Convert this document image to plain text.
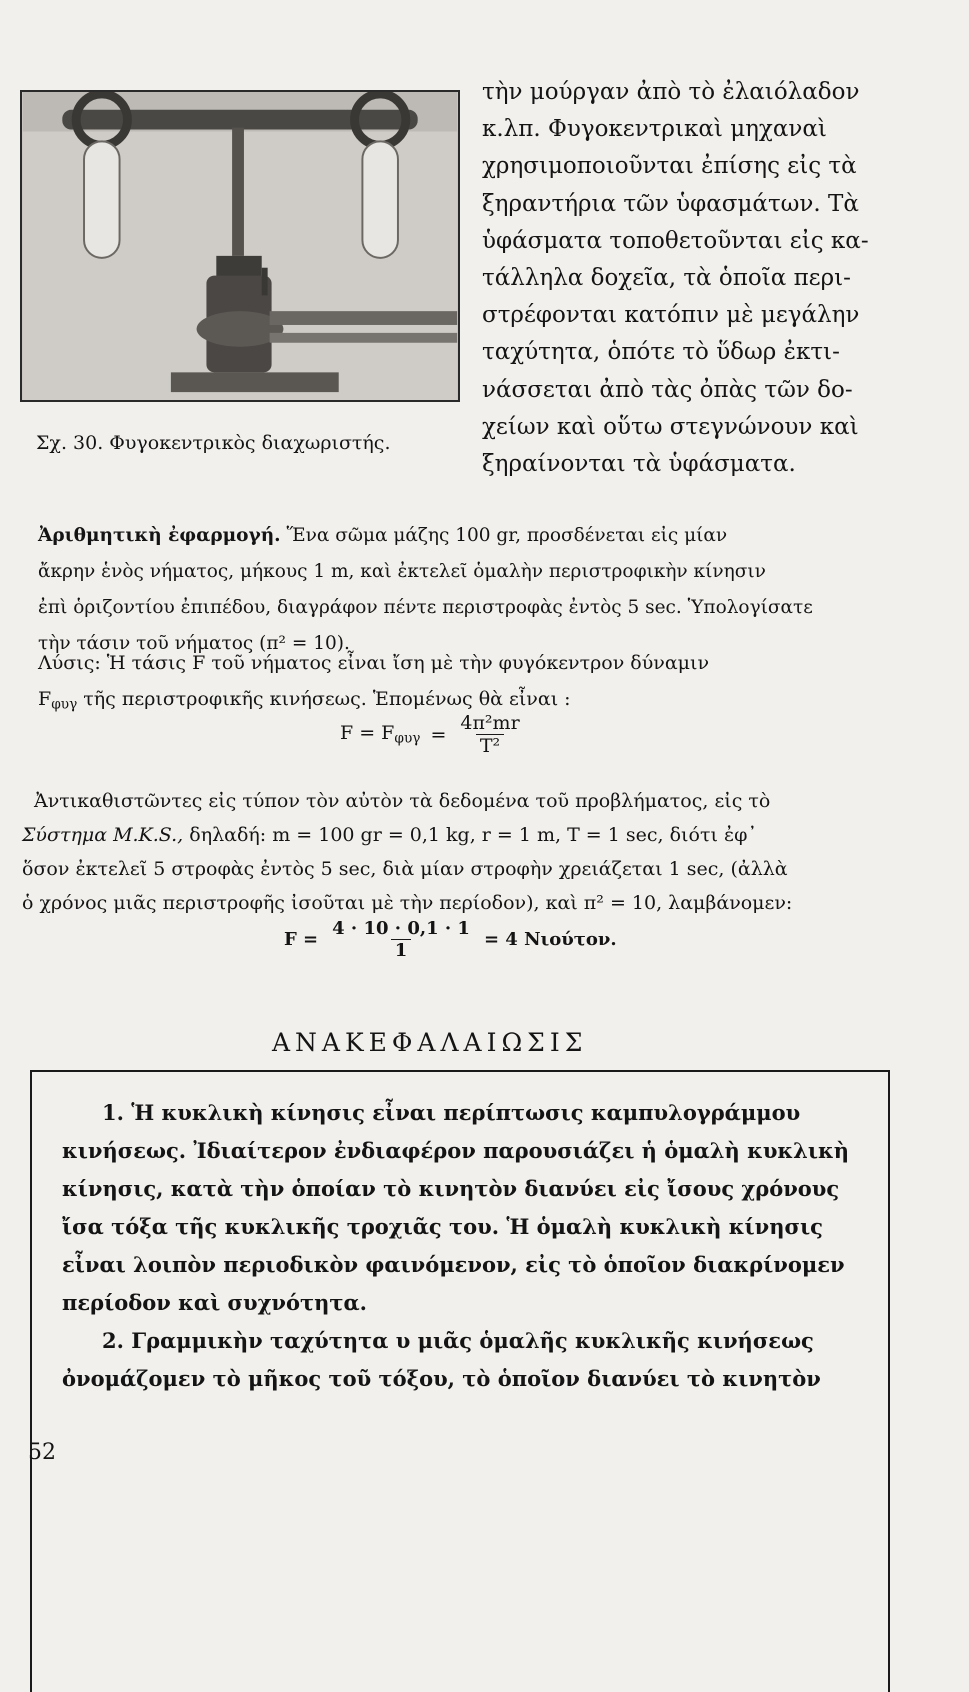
Σχ. 30. Φυγοκεντρικὸς διαχωριστής.
τὴν μούργαν ἀπὸ τὸ ἐλαιόλαδον
κ.λπ. Φυγοκεντρικαὶ μηχαναὶ
χρησιμοποιοῦνται ἐπίσης εἰς τὰ
ξηραντήρια τῶν ὑφασμάτων. Τὰ
ὑφάσματα τοποθετοῦνται εἰς κα-
τάλληλα δοχεῖα, τὰ ὁποῖα περι-
στρέφονται κατόπιν μὲ μεγάλην
ταχύτητα, ὁπότε τὸ ὕδωρ ἐκτι-
νάσσεται ἀπὸ τὰς ὀπὰς τῶν δο-
χείων καὶ οὕτω στεγνώνουν καὶ
ξηραίνονται τὰ ὑφάσματα.
Ἀριθμητικὴ ἐφαρμογή. Ἕνα σῶμα μάζης 100 gr, προσδένεται εἰς μίαν
ἄκρην ἑνὸς νήματος, μήκους 1 m, καὶ ἐκτελεῖ ὁμαλὴν περιστροφικὴν κίνησιν
ἐπὶ ὁριζοντίου ἐπιπέδου, διαγράφον πέντε περιστροφὰς ἐντὸς 5 sec. Ὑπολογίσατε
τὴν τάσιν τοῦ νήματος (π² = 10).
Λύσις: Ἡ τάσις F τοῦ νήματος εἶναι ἴση μὲ τὴν φυγόκεντρον δύναμιν
$F_{\varphi\upsilon\gamma}$ τῆς περιστροφικῆς κινήσεως. Ἑπομένως θὰ εἶναι :
$F = F_{\varphi\upsilon\gamma} = \frac{\text{4π²mr}}{\text{T²}}$
Ἀντικαθιστῶντες εἰς τύπον τὸν αὐτὸν τὰ δεδομένα τοῦ προβλήματος, εἰς τὸ
Σύστημα M.K.S., δηλαδή: m = 100 gr = 0,1 kg, r = 1 m, T = 1 sec, διότι ἐφ᾽
ὅσον ἐκτελεῖ 5 στροφὰς ἐντὸς 5 sec, διὰ μίαν στροφὴν χρειάζεται 1 sec, (ἀλλὰ
ὁ χρόνος μιᾶς περιστροφῆς ἰσοῦται μὲ τὴν περίοδον), καὶ π² = 10, λαμβάνομεν:
$F = \frac{4 \cdot 10 \cdot 0,1 \cdot 1}{1} = 4$ Νιούτον.
ΑΝΑΚΕΦΑΛΑΙΩΣΙΣ
1. Ἡ κυκλικὴ κίνησις εἶναι περίπτωσις καμπυλογράμμου
κινήσεως. Ἰδιαίτερον ἐνδιαφέρον παρουσιάζει ἡ ὁμαλὴ κυκλικὴ
κίνησις, κατὰ τὴν ὁποίαν τὸ κινητὸν διανύει εἰς ἴσους χρόνους
ἴσα τόξα τῆς κυκλικῆς τροχιᾶς του. Ἡ ὁμαλὴ κυκλικὴ κίνησις
εἶναι λοιπὸν περιοδικὸν φαινόμενον, εἰς τὸ ὁποῖον διακρίνομεν
περίοδον καὶ συχνότητα.
2. Γραμμικὴν ταχύτητα υ μιᾶς ὁμαλῆς κυκλικῆς κινήσεως
ὀνομάζομεν τὸ μῆκος τοῦ τόξου, τὸ ὁποῖον διανύει τὸ κινητὸν
52
